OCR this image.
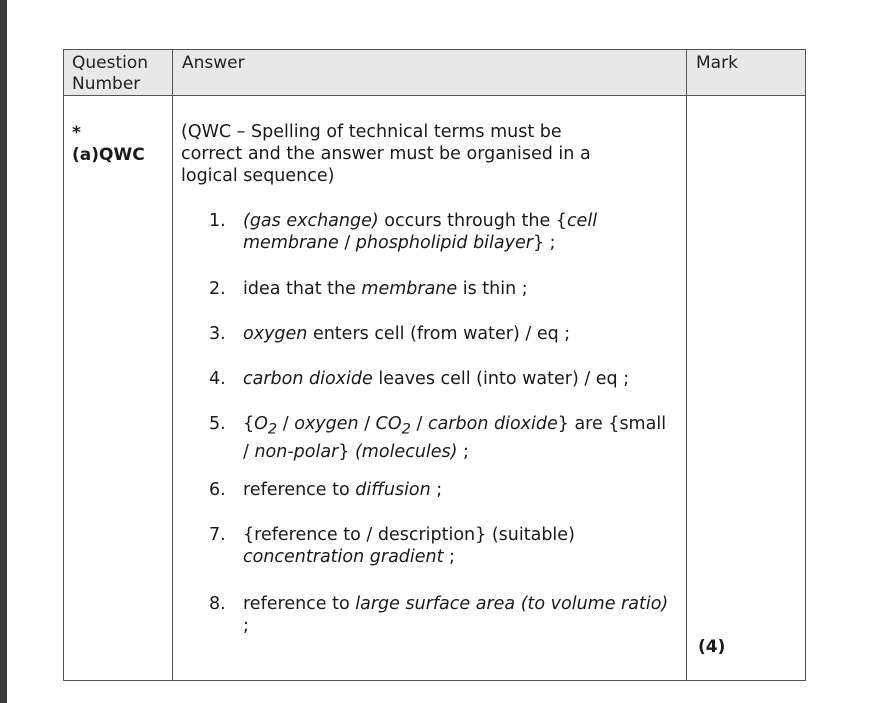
Question Number
Answer	Mark
*
(a)QWC
(QWC – Spelling of technical terms must be correct and the answer must be organised in a logical sequence)
1. (gas exchange) occurs through the {cell membrane / phospholipid bilayer} ;
2. idea that the membrane is thin ;
3. oxygen enters cell (from water) / eq ;
4. carbon dioxide leaves cell (into water) / eq ;
5. {$O_2$ / oxygen / $CO_2$ / carbon dioxide} are {small / non-polar} (molecules) ;
6. reference to diffusion ;
7. {reference to / description} (suitable) concentration gradient ;
8. reference to large surface area (to volume ratio) ;
(4)
